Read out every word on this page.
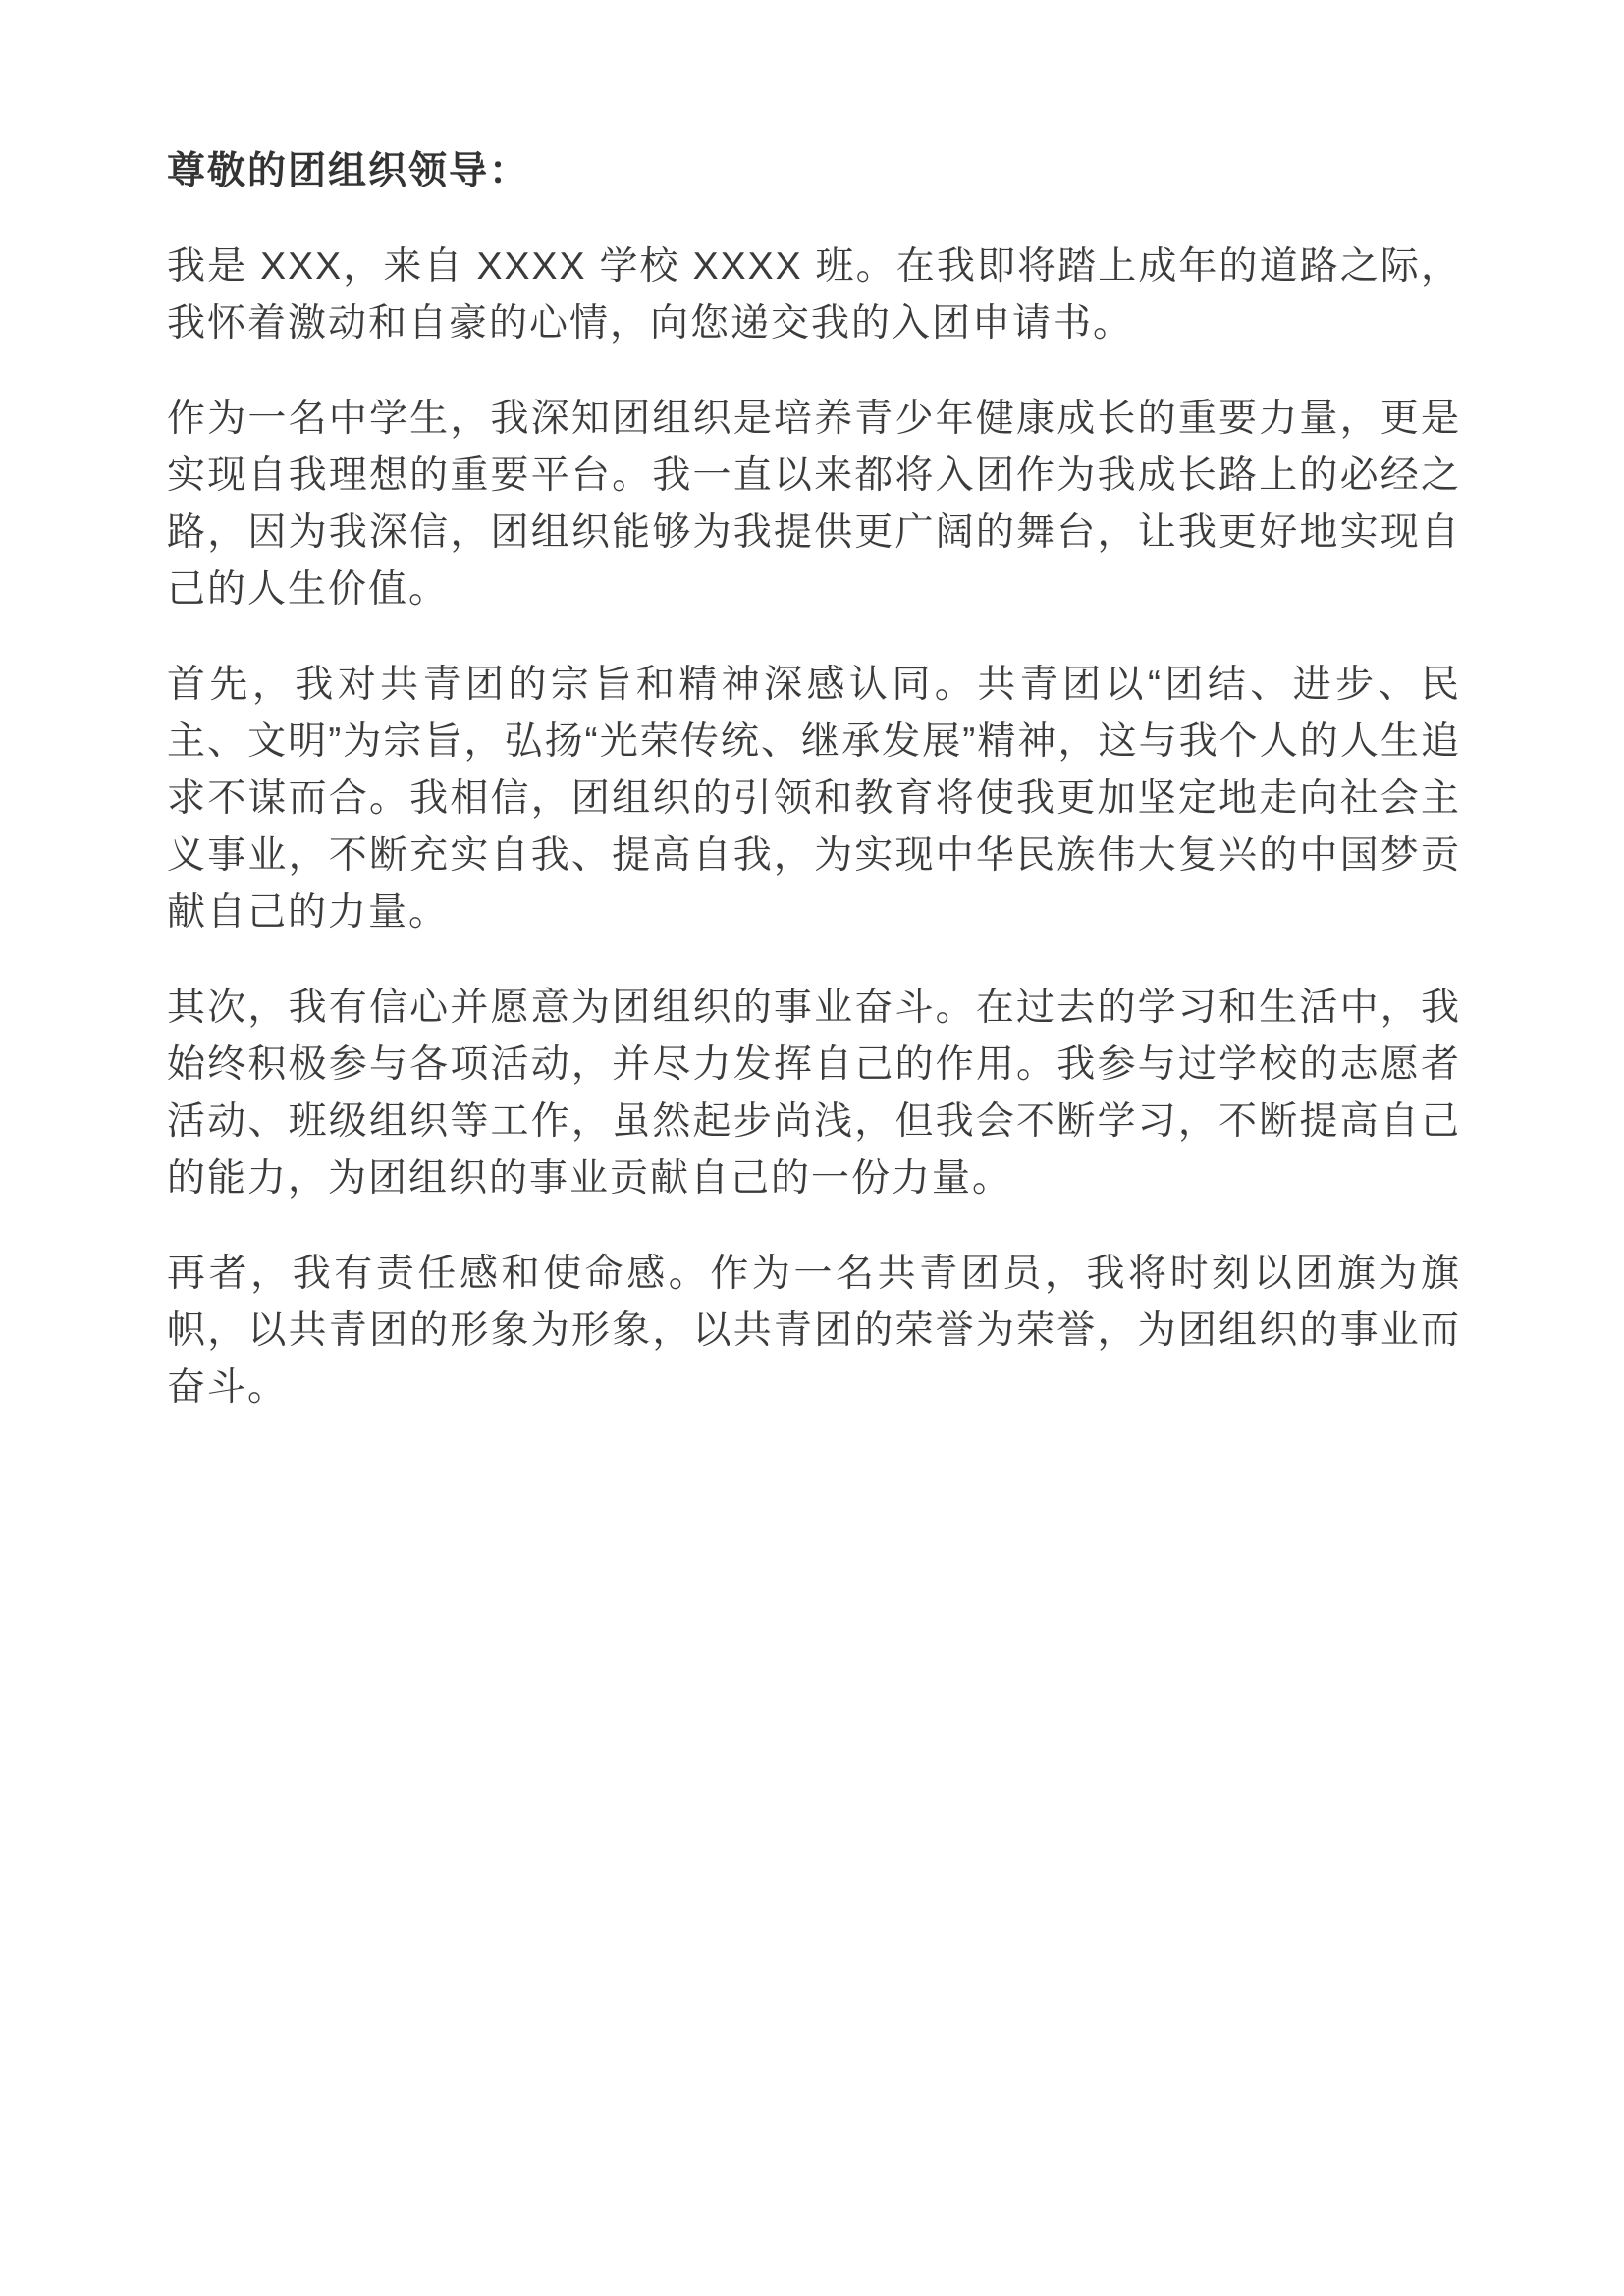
尊敬的团组织领导：

我是 XXX，来自 XXXX 学校 XXXX 班。在我即将踏上成年的道路之际，我怀着激动和自豪的心情，向您递交我的入团申请书。

作为一名中学生，我深知团组织是培养青少年健康成长的重要力量，更是实现自我理想的重要平台。我一直以来都将入团作为我成长路上的必经之路，因为我深信，团组织能够为我提供更广阔的舞台，让我更好地实现自己的人生价值。

首先，我对共青团的宗旨和精神深感认同。共青团以“团结、进步、民主、文明”为宗旨，弘扬“光荣传统、继承发展”精神，这与我个人的人生追求不谋而合。我相信，团组织的引领和教育将使我更加坚定地走向社会主义事业，不断充实自我、提高自我，为实现中华民族伟大复兴的中国梦贡献自己的力量。

其次，我有信心并愿意为团组织的事业奋斗。在过去的学习和生活中，我始终积极参与各项活动，并尽力发挥自己的作用。我参与过学校的志愿者活动、班级组织等工作，虽然起步尚浅，但我会不断学习，不断提高自己的能力，为团组织的事业贡献自己的一份力量。

再者，我有责任感和使命感。作为一名共青团员，我将时刻以团旗为旗帜，以共青团的形象为形象，以共青团的荣誉为荣誉，为团组织的事业而奋斗。
